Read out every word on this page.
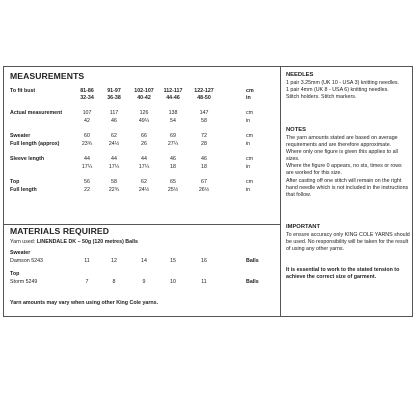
MEASUREMENTS
To fit bust	81-86	91-97	102-107	112-117	122-127	cm
32-34	36-38	40-42	44-46	48-50	in
Actual measurement	107	117	126	138	147	cm
42	46	49¼	54	58	in
Sweater	60	62	66	69	72	cm
Full length (approx)	23¾	24½	26	27¼	28	in
Sleeve length	44	44	44	46	46	cm
17¼	17¼	17¼	18	18	in
Top	56	58	62	65	67	cm
Full length	22	22¾	24½	25½	26½	in
MATERIALS REQUIRED
Yarn used: LINENDALE DK – 50g (120 metres) Balls
Sweater
Damson 5243	11	12	14	15	16	Balls
Top
Storm 5249	7	8	9	10	11	Balls
Yarn amounts may vary when using other King Cole yarns.
NEEDLES
1 pair 3.25mm (UK 10 - USA 3) knitting needles.
1 pair 4mm (UK 8 - USA 6) knitting needles.
Stitch holders. Stitch markers.
NOTES
The yarn amounts stated are based on average requirements and are therefore approximate.
Where only one figure is given this applies to all sizes.
Where the figure 0 appears, no sts, times or rows are worked for this size.
After casting off one stitch will remain on the right hand needle which is not included in the instructions that follow.
IMPORTANT
To ensure accuracy only KING COLE YARNS should be used. No responsibility will be taken for the result of using any other yarns.
It is essential to work to the stated tension to achieve the correct size of garment.
